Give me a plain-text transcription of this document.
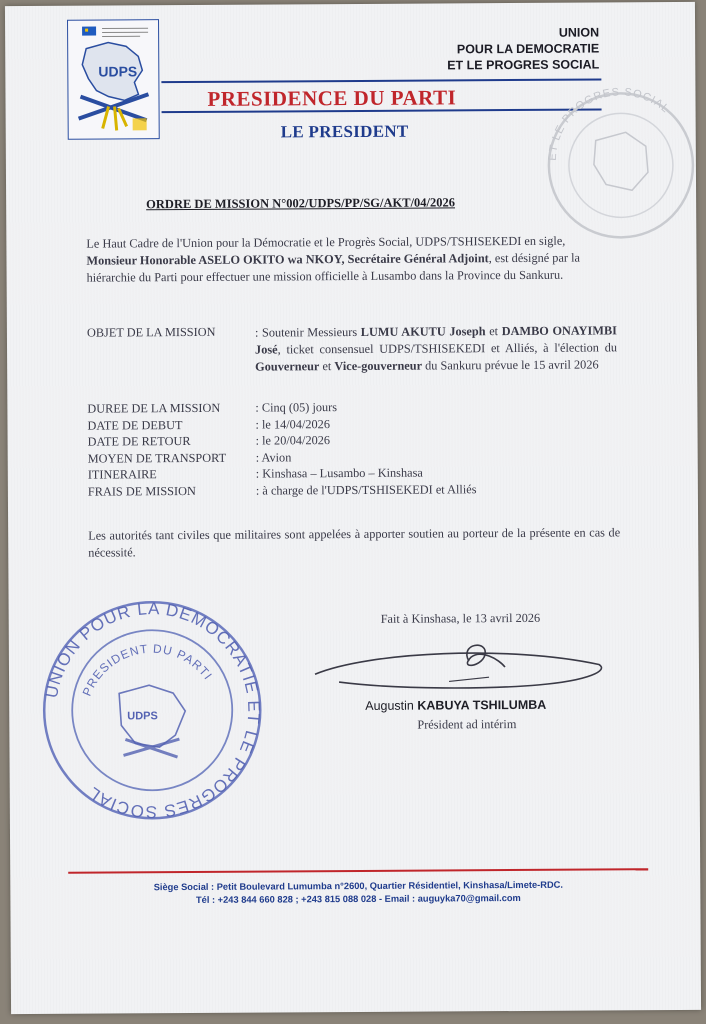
UDPS
UNION
POUR LA DEMOCRATIE
ET LE PROGRES SOCIAL
PRESIDENCE DU PARTI
LE PRESIDENT
ET LE PROGRES SOCIAL
ORDRE DE MISSION N°002/UDPS/PP/SG/AKT/04/2026
Le Haut Cadre de l'Union pour la Démocratie et le Progrès Social, UDPS/TSHISEKEDI en sigle, Monsieur Honorable ASELO OKITO wa NKOY, Secrétaire Général Adjoint, est désigné par la hiérarchie du Parti pour effectuer une mission officielle à Lusambo dans la Province du Sankuru.
OBJET DE LA MISSION	: Soutenir Messieurs LUMU AKUTU Joseph et DAMBO ONAYIMBI José, ticket consensuel UDPS/TSHISEKEDI et Alliés, à l'élection du Gouverneur et Vice-gouverneur du Sankuru prévue le 15 avril 2026
DUREE DE LA MISSION	: Cinq (05) jours
DATE DE DEBUT	: le 14/04/2026
DATE DE RETOUR	: le 20/04/2026
MOYEN DE TRANSPORT : Avion
ITINERAIRE	: Kinshasa – Lusambo – Kinshasa
FRAIS DE MISSION	: à charge de l'UDPS/TSHISEKEDI et Alliés
Les autorités tant civiles que militaires sont appelées à apporter soutien au porteur de la présente en cas de nécessité.
Fait à Kinshasa, le 13 avril 2026
Augustin KABUYA TSHILUMBA
Président ad intérim
UNION POUR LA DEMOCRATIE ET LE PROGRES SOCIAL
PRESIDENT DU PARTI
UDPS
Siège Social : Petit Boulevard Lumumba n°2600, Quartier Résidentiel, Kinshasa/Limete-RDC.
Tél : +243 844 660 828 ; +243 815 088 028 - Email : auguyka70@gmail.com
